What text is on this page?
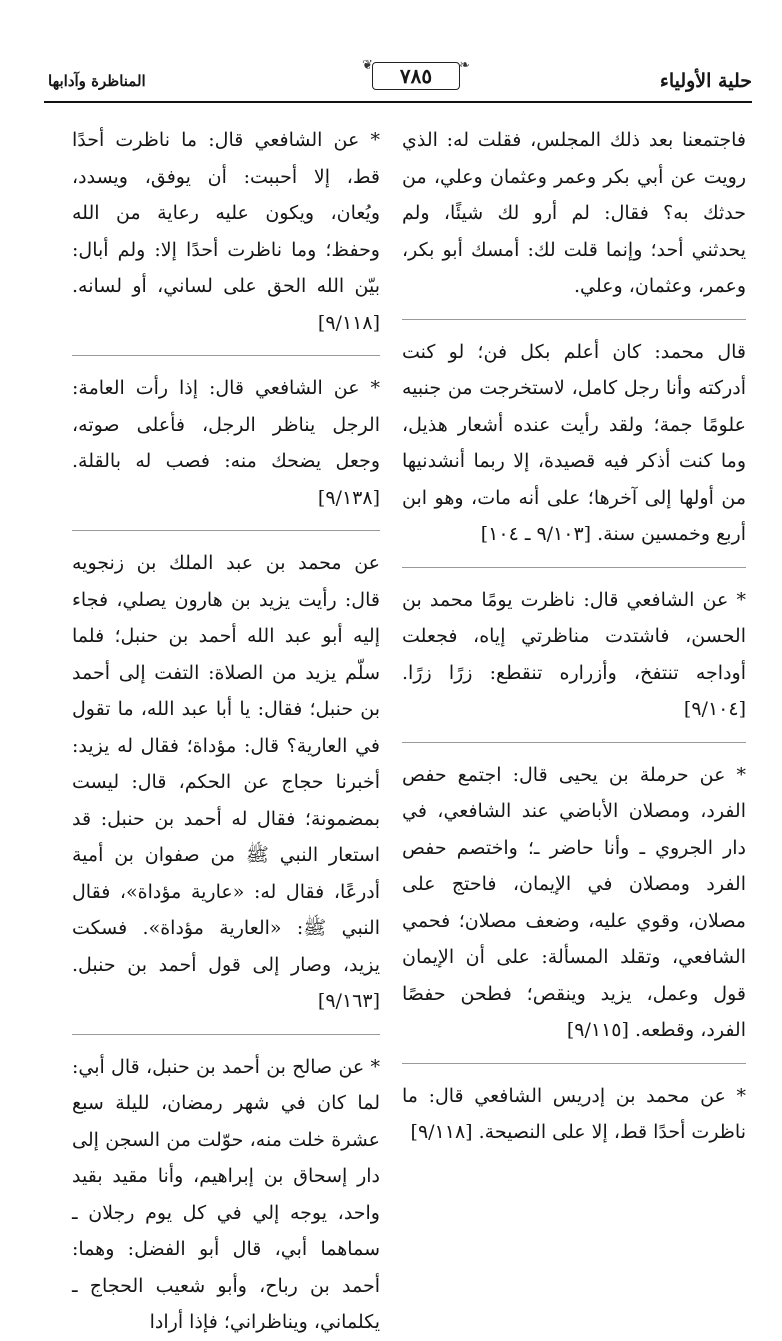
حلية الأولياء
❦	٧٨٥	❧
المناظرة وآدابها

فاجتمعنا بعد ذلك المجلس، فقلت له: الذي رويت عن أبي بكر وعمر وعثمان وعلي، من حدثك به؟ فقال: لم أرو لك شيئًا، ولم يحدثني أحد؛ وإنما قلت لك: أمسك أبو بكر، وعمر، وعثمان، وعلي.

قال محمد: كان أعلم بكل فن؛ لو كنت أدركته وأنا رجل كامل، لاستخرجت من جنبيه علومًا جمة؛ ولقد رأيت عنده أشعار هذيل، وما كنت أذكر فيه قصيدة، إلا ربما أنشدنيها من أولها إلى آخرها؛ على أنه مات، وهو ابن أربع وخمسين سنة. [٩/١٠٣ ـ ١٠٤]

* عن الشافعي قال: ناظرت يومًا محمد بن الحسن، فاشتدت مناظرتي إياه، فجعلت أوداجه تنتفخ، وأزراره تنقطع: زرًا زرًا. [٩/١٠٤]

* عن حرملة بن يحيى قال: اجتمع حفص الفرد، ومصلان الأباضي عند الشافعي، في دار الجروي ـ وأنا حاضر ـ؛ واختصم حفص الفرد ومصلان في الإيمان، فاحتج على مصلان، وقوي عليه، وضعف مصلان؛ فحمي الشافعي، وتقلد المسألة: على أن الإيمان قول وعمل، يزيد وينقص؛ فطحن حفصًا الفرد، وقطعه. [٩/١١٥]

* عن محمد بن إدريس الشافعي قال: ما ناظرت أحدًا قط، إلا على النصيحة. [٩/١١٨]

* عن الشافعي قال: ما ناظرت أحدًا قط، إلا أحببت: أن يوفق، ويسدد، ويُعان، ويكون عليه رعاية من الله وحفظ؛ وما ناظرت أحدًا إلا: ولم أبال: بيّن الله الحق على لساني، أو لسانه. [٩/١١٨]

* عن الشافعي قال: إذا رأت العامة: الرجل يناظر الرجل، فأعلى صوته، وجعل يضحك منه: فصب له بالقلة. [٩/١٣٨]

عن محمد بن عبد الملك بن زنجويه قال: رأيت يزيد بن هارون يصلي، فجاء إليه أبو عبد الله أحمد بن حنبل؛ فلما سلّم يزيد من الصلاة: التفت إلى أحمد بن حنبل؛ فقال: يا أبا عبد الله، ما تقول في العارية؟ قال: مؤداة؛ فقال له يزيد: أخبرنا حجاج عن الحكم، قال: ليست بمضمونة؛ فقال له أحمد بن حنبل: قد استعار النبي ﷺ من صفوان بن أمية أدرعًا، فقال له: «عارية مؤداة»، فقال النبي ﷺ: «العارية مؤداة». فسكت يزيد، وصار إلى قول أحمد بن حنبل. [٩/١٦٣]

* عن صالح بن أحمد بن حنبل، قال أبي: لما كان في شهر رمضان، لليلة سبع عشرة خلت منه، حوّلت من السجن إلى دار إسحاق بن إبراهيم، وأنا مقيد بقيد واحد، يوجه إلي في كل يوم رجلان ـ سماهما أبي، قال أبو الفضل: وهما: أحمد بن رباح، وأبو شعيب الحجاج ـ يكلماني، ويناظراني؛ فإذا أرادا
